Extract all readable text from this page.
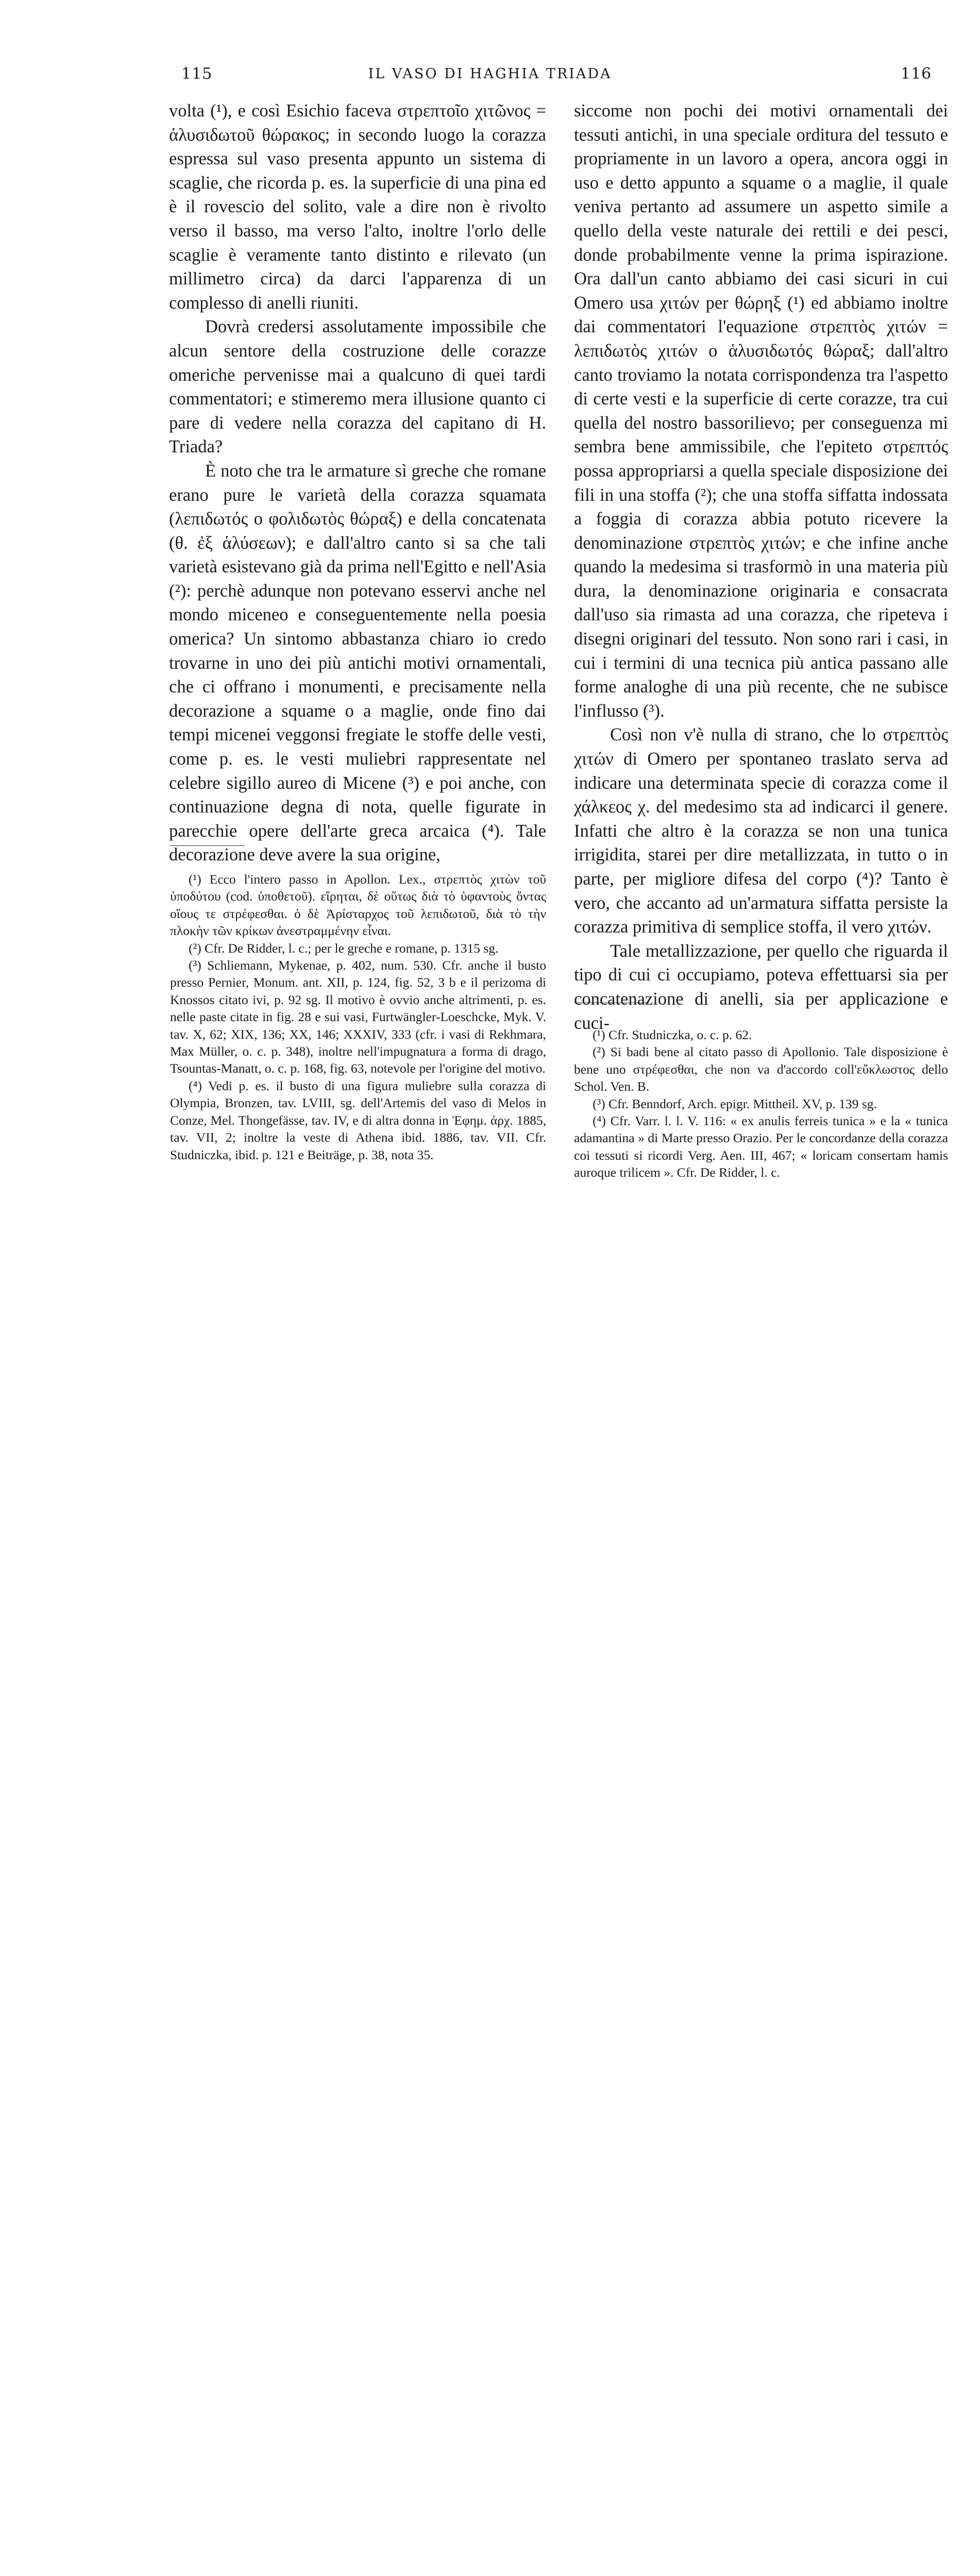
115	IL VASO DI HAGHIA TRIADA	116

volta (¹), e così Esichio faceva στρεπτοῖο χιτῶνος = ἁλυσιδωτοῦ θώρακος; in secondo luogo la corazza espressa sul vaso presenta appunto un sistema di scaglie, che ricorda p. es. la superficie di una pina ed è il rovescio del solito, vale a dire non è rivolto verso il basso, ma verso l'alto, inoltre l'orlo delle scaglie è veramente tanto distinto e rilevato (un millimetro circa) da darci l'apparenza di un complesso di anelli riuniti.

Dovrà credersi assolutamente impossibile che alcun sentore della costruzione delle corazze omeriche pervenisse mai a qualcuno di quei tardi commentatori; e stimeremo mera illusione quanto ci pare di vedere nella corazza del capitano di H. Triada?

È noto che tra le armature sì greche che romane erano pure le varietà della corazza squamata (λεπιδωτός o φολιδωτὸς θώραξ) e della concatenata (θ. ἐξ ἁλύσεων); e dall'altro canto si sa che tali varietà esistevano già da prima nell'Egitto e nell'Asia (²): perchè adunque non potevano esservi anche nel mondo miceneo e conseguentemente nella poesia omerica? Un sintomo abbastanza chiaro io credo trovarne in uno dei più antichi motivi ornamentali, che ci offrano i monumenti, e precisamente nella decorazione a squame o a maglie, onde fino dai tempi micenei veggonsi fregiate le stoffe delle vesti, come p. es. le vesti muliebri rappresentate nel celebre sigillo aureo di Micene (³) e poi anche, con continuazione degna di nota, quelle figurate in parecchie opere dell'arte greca arcaica (⁴). Tale decorazione deve avere la sua origine,

(¹) Ecco l'intero passo in Apollon. Lex., στρεπτὸς χιτὼν τοῦ ὑποδύτου (cod. ὑποθετοῦ). εἴρηται, δὲ οὕτως διὰ τὸ ὑφαντοὺς ὄντας οἵους τε στρέφεσθαι. ὁ δὲ Ἀρίσταρχος τοῦ λεπιδωτοῦ, διὰ τὸ τὴν πλοκὴν τῶν κρίκων ἀνεστραμμένην εἶναι.

(²) Cfr. De Ridder, l. c.; per le greche e romane, p. 1315 sg.

(³) Schliemann, Mykenae, p. 402, num. 530. Cfr. anche il busto presso Pernier, Monum. ant. XII, p. 124, fig. 52, 3 b e il perizoma di Knossos citato ivi, p. 92 sg. Il motivo è ovvio anche altrimenti, p. es. nelle paste citate in fig. 28 e sui vasi, Furtwängler-Loeschcke, Myk. V. tav. X, 62; XIX, 136; XX, 146; XXXIV, 333 (cfr. i vasi di Rekhmara, Max Müller, o. c. p. 348), inoltre nell'impugnatura a forma di drago, Tsountas-Manatt, o. c. p. 168, fig. 63, notevole per l'origine del motivo.

(⁴) Vedi p. es. il busto di una figura muliebre sulla corazza di Olympia, Bronzen, tav. LVIII, sg. dell'Artemis del vaso di Melos in Conze, Mel. Thongefässe, tav. IV, e di altra donna in Ἐφημ. ἀρχ. 1885, tav. VII, 2; inoltre la veste di Athena ibid. 1886, tav. VII. Cfr. Studniczka, ibid. p. 121 e Beiträge, p. 38, nota 35.

siccome non pochi dei motivi ornamentali dei tessuti antichi, in una speciale orditura del tessuto e propriamente in un lavoro a opera, ancora oggi in uso e detto appunto a squame o a maglie, il quale veniva pertanto ad assumere un aspetto simile a quello della veste naturale dei rettili e dei pesci, donde probabilmente venne la prima ispirazione. Ora dall'un canto abbiamo dei casi sicuri in cui Omero usa χιτών per θώρηξ (¹) ed abbiamo inoltre dai commentatori l'equazione στρεπτὸς χιτών = λεπιδωτὸς χιτών o ἁλυσιδωτός θώραξ; dall'altro canto troviamo la notata corrispondenza tra l'aspetto di certe vesti e la superficie di certe corazze, tra cui quella del nostro bassorilievo; per conseguenza mi sembra bene ammissibile, che l'epiteto στρεπτός possa appropriarsi a quella speciale disposizione dei fili in una stoffa (²); che una stoffa siffatta indossata a foggia di corazza abbia potuto ricevere la denominazione στρεπτὸς χιτών; e che infine anche quando la medesima si trasformò in una materia più dura, la denominazione originaria e consacrata dall'uso sia rimasta ad una corazza, che ripeteva i disegni originari del tessuto. Non sono rari i casi, in cui i termini di una tecnica più antica passano alle forme analoghe di una più recente, che ne subisce l'influsso (³).

Così non v'è nulla di strano, che lo στρεπτὸς χιτών di Omero per spontaneo traslato serva ad indicare una determinata specie di corazza come il χάλκεος χ. del medesimo sta ad indicarci il genere. Infatti che altro è la corazza se non una tunica irrigidita, starei per dire metallizzata, in tutto o in parte, per migliore difesa del corpo (⁴)? Tanto è vero, che accanto ad un'armatura siffatta persiste la corazza primitiva di semplice stoffa, il vero χιτών.

Tale metallizzazione, per quello che riguarda il tipo di cui ci occupiamo, poteva effettuarsi sia per concatenazione di anelli, sia per applicazione e cuci-

(¹) Cfr. Studniczka, o. c. p. 62.

(²) Si badi bene al citato passo di Apollonio. Tale disposizione è bene uno στρέφεσθαι, che non va d'accordo coll'εὔκλωστος dello Schol. Ven. B.

(³) Cfr. Benndorf, Arch. epigr. Mittheil. XV, p. 139 sg.

(⁴) Cfr. Varr. l. l. V. 116: « ex anulis ferreis tunica » e la « tunica adamantina » di Marte presso Orazio. Per le concordanze della corazza coi tessuti si ricordi Verg. Aen. III, 467; « loricam consertam hamis auroque trilicem ». Cfr. De Ridder, l. c.
